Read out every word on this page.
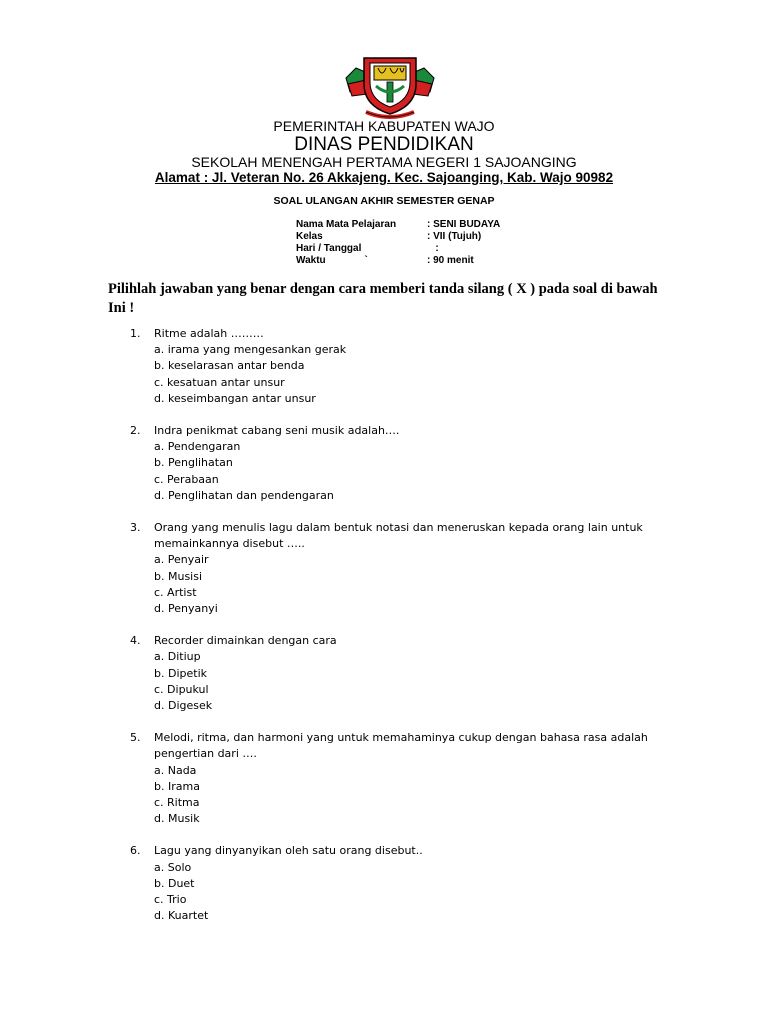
PEMERINTAH KABUPATEN WAJO
DINAS PENDIDIKAN
SEKOLAH MENENGAH PERTAMA NEGERI 1 SAJOANGING
Alamat : Jl. Veteran No. 26 Akkajeng. Kec. Sajoanging, Kab. Wajo 90982
SOAL ULANGAN AKHIR SEMESTER GENAP
Nama Mata Pelajaran	: SENI BUDAYA
Kelas	: VII (Tujuh)
Hari / Tanggal	:
Waktu              `	: 90 menit
Pilihlah jawaban yang benar dengan cara memberi tanda silang ( X ) pada soal di bawah Ini !
1.	Ritme adalah ………
a. irama yang mengesankan gerak
b. keselarasan antar benda
c. kesatuan antar unsur
d. keseimbangan antar unsur
2.	Indra penikmat cabang seni musik adalah….
a. Pendengaran
b. Penglihatan
c. Perabaan
d. Penglihatan dan pendengaran
3.	Orang yang menulis lagu dalam bentuk notasi dan meneruskan kepada orang lain untuk memainkannya disebut …..
a. Penyair
b. Musisi
c. Artist
d. Penyanyi
4.	Recorder dimainkan dengan cara
a. Ditiup
b. Dipetik
c. Dipukul
d. Digesek
5.	Melodi, ritma, dan harmoni yang untuk memahaminya cukup dengan bahasa rasa adalah pengertian dari ….
a. Nada
b. Irama
c. Ritma
d. Musik
6.	Lagu yang dinyanyikan oleh satu orang disebut..
a. Solo
b. Duet
c. Trio
d. Kuartet
